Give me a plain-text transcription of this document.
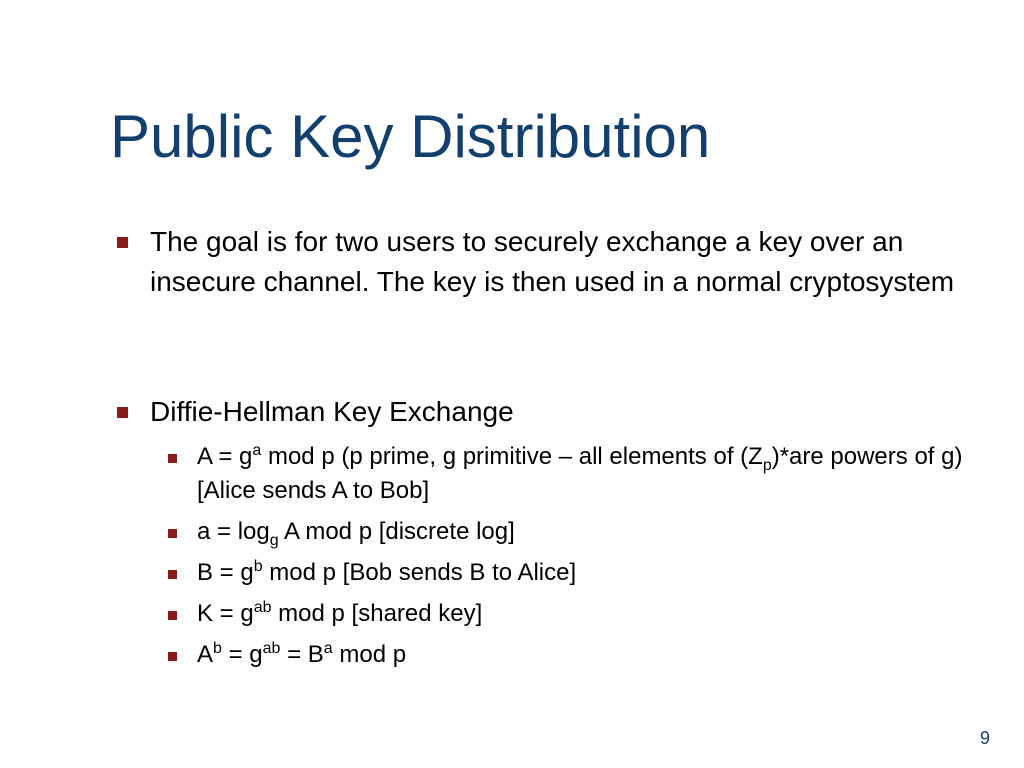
Public Key Distribution
The goal is for two users to securely exchange a key over an insecure channel. The key is then used in a normal cryptosystem
Diffie-Hellman Key Exchange
$A = g^a$ mod p (p prime, g primitive – all elements of $(Z_p)*are$ powers of g) [Alice sends A to Bob]
$a = \log_g A$ mod p [discrete log]
$B = g^b$ mod p [Bob sends B to Alice]
$K = g^{ab}$ mod p [shared key]
$A^b = g^{ab} = B^a$ mod p
9
